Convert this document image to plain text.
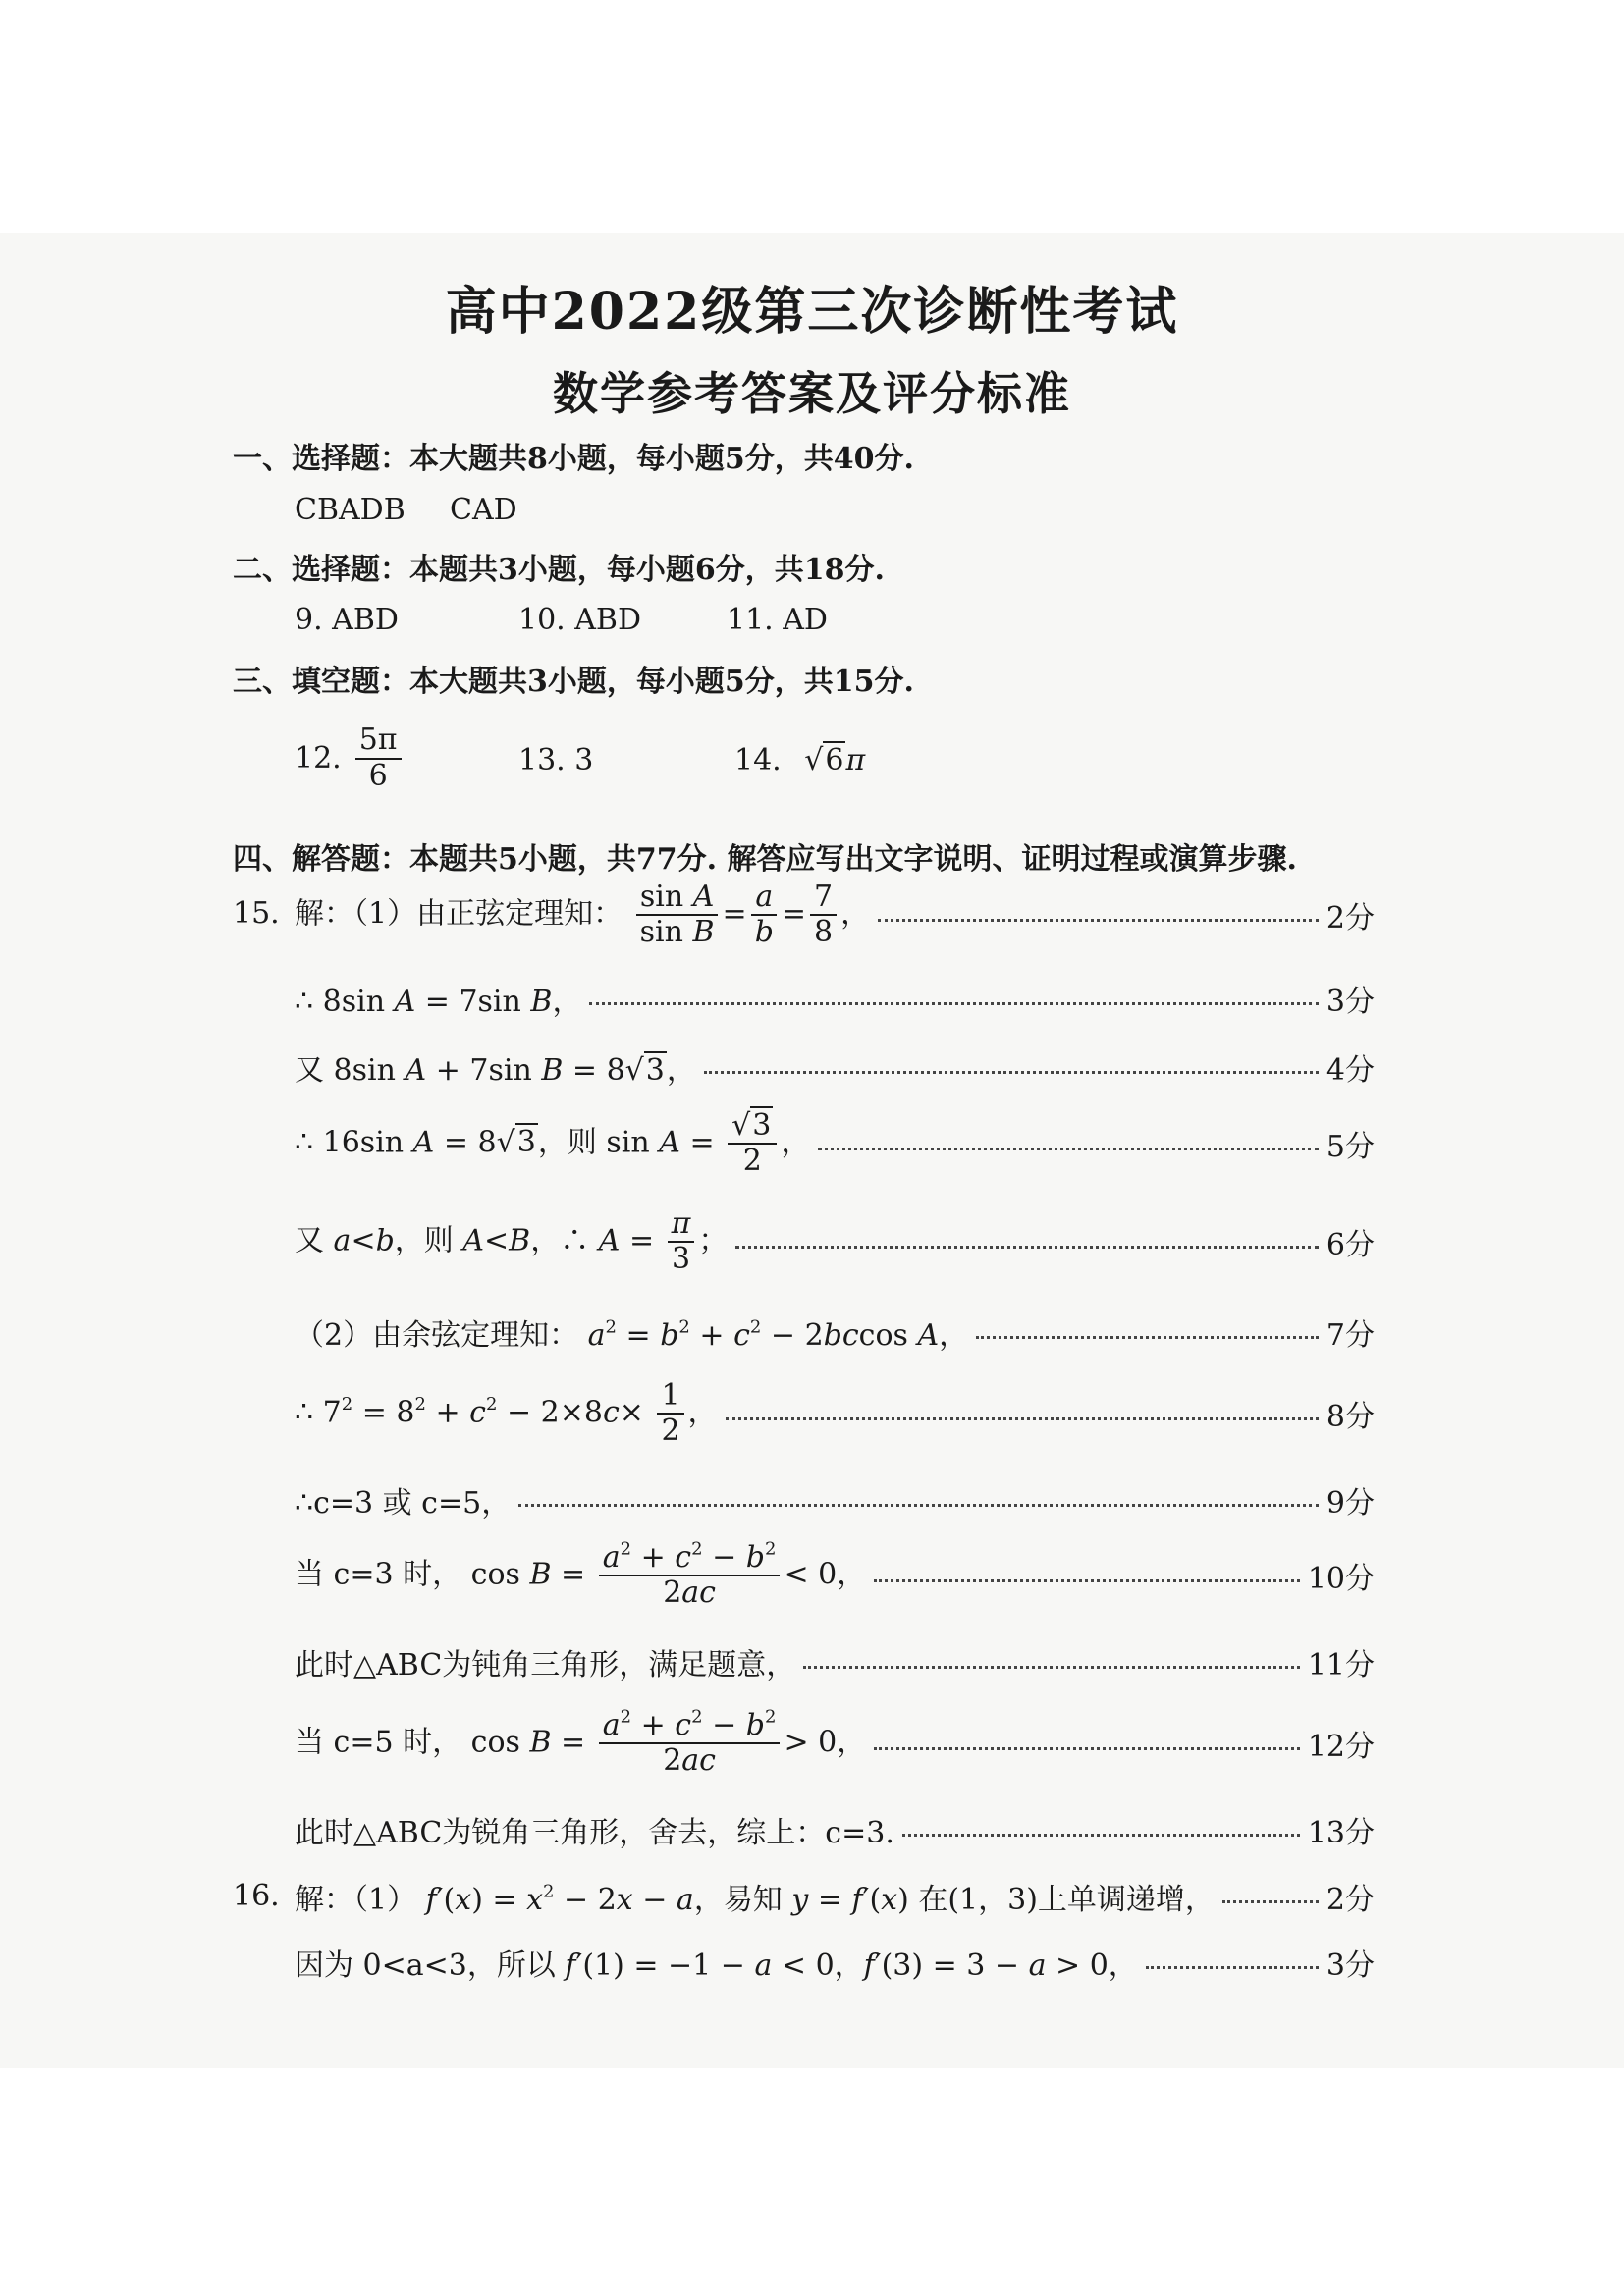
高中2022级第三次诊断性考试
数学参考答案及评分标准
一、选择题：本大题共8小题，每小题5分，共40分.
CBADB CAD
二、选择题：本题共3小题，每小题6分，共18分.
9. ABD	10. ABD	11. AD
三、填空题：本大题共3小题，每小题5分，共15分.
12. $\frac{5\pi}{6}$	13. 3	14. √6π
四、解答题：本题共5小题，共77分. 解答应写出文字说明、证明过程或演算步骤.
15. 解：（1）由正弦定理知： $\frac{\text{sin A}}{\text{sin B}} = \frac{a}{b} = \frac{7}{8}$ ，	2分
∴ 8sin A = 7sin B，	3分
又 8sin A + 7sin B = 8√3，	4分
∴ 16sin A = 8√3，则 $\sin A = \frac{√3}{2}$ ，	5分
又 a<b，则 A<B，∴ $A = \frac{\pi}{3}$ ；	6分
（2）由余弦定理知： $a^2 = b^2 + c^2 - 2bccos$ A，	7分
∴ $7^2 = 8^2 + c^2 - 2\times 8c\times \frac{1}{2}$ ，	8分
∴c=3 或 c=5，	9分
当 c=3 时， $\cos B = \frac{a^2 + c^2 - b^2}{2ac} < 0$，	10分
此时△ABC为钝角三角形，满足题意，	11分
当 c=5 时， $\cos B = \frac{a^2 + c^2 - b^2}{2ac} > 0$，	12分
此时△ABC为锐角三角形，舍去，综上：c=3.	13分
16. 解：（1） $f'(x) = x^2 - 2x - a$，易知 y = f′(x) 在(1，3)上单调递增，	2分
因为 0<a<3，所以 f′(1) = −1 − a < 0，f′(3) = 3 − a > 0，	3分
